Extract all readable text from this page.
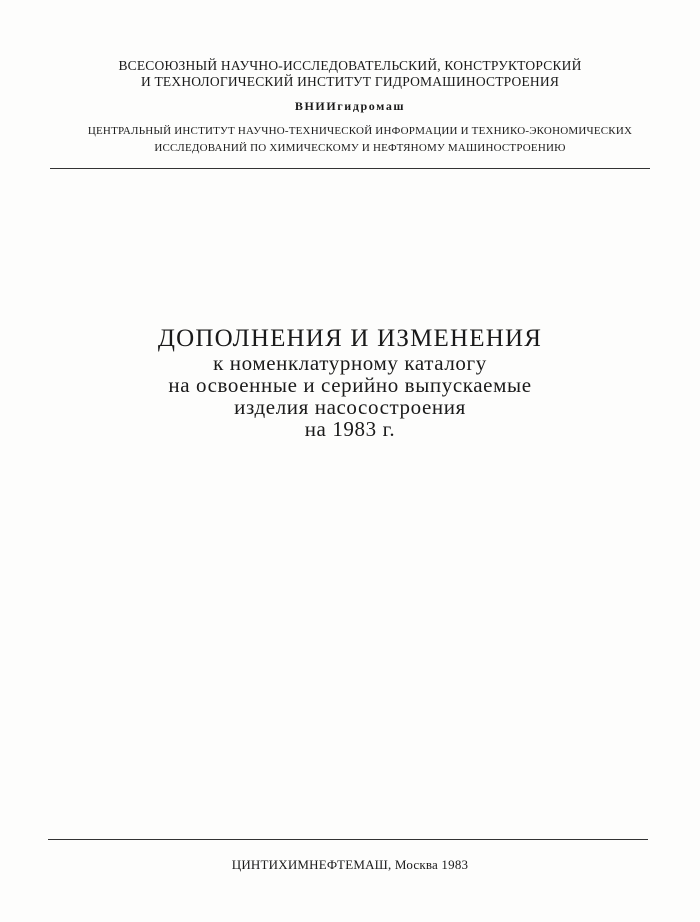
ВСЕСОЮЗНЫЙ НАУЧНО-ИССЛЕДОВАТЕЛЬСКИЙ, КОНСТРУКТОРСКИЙ
И ТЕХНОЛОГИЧЕСКИЙ ИНСТИТУТ ГИДРОМАШИНОСТРОЕНИЯ
ВНИИгидромаш
ЦЕНТРАЛЬНЫЙ ИНСТИТУТ НАУЧНО-ТЕХНИЧЕСКОЙ ИНФОРМАЦИИ И ТЕХНИКО-ЭКОНОМИЧЕСКИХ
ИССЛЕДОВАНИЙ ПО ХИМИЧЕСКОМУ И НЕФТЯНОМУ МАШИНОСТРОЕНИЮ
ДОПОЛНЕНИЯ И ИЗМЕНЕНИЯ
к номенклатурному каталогу
на освоенные и серийно выпускаемые
изделия насосостроения
на 1983 г.
ЦИНТИХИМНЕФТЕМАШ, Москва 1983
